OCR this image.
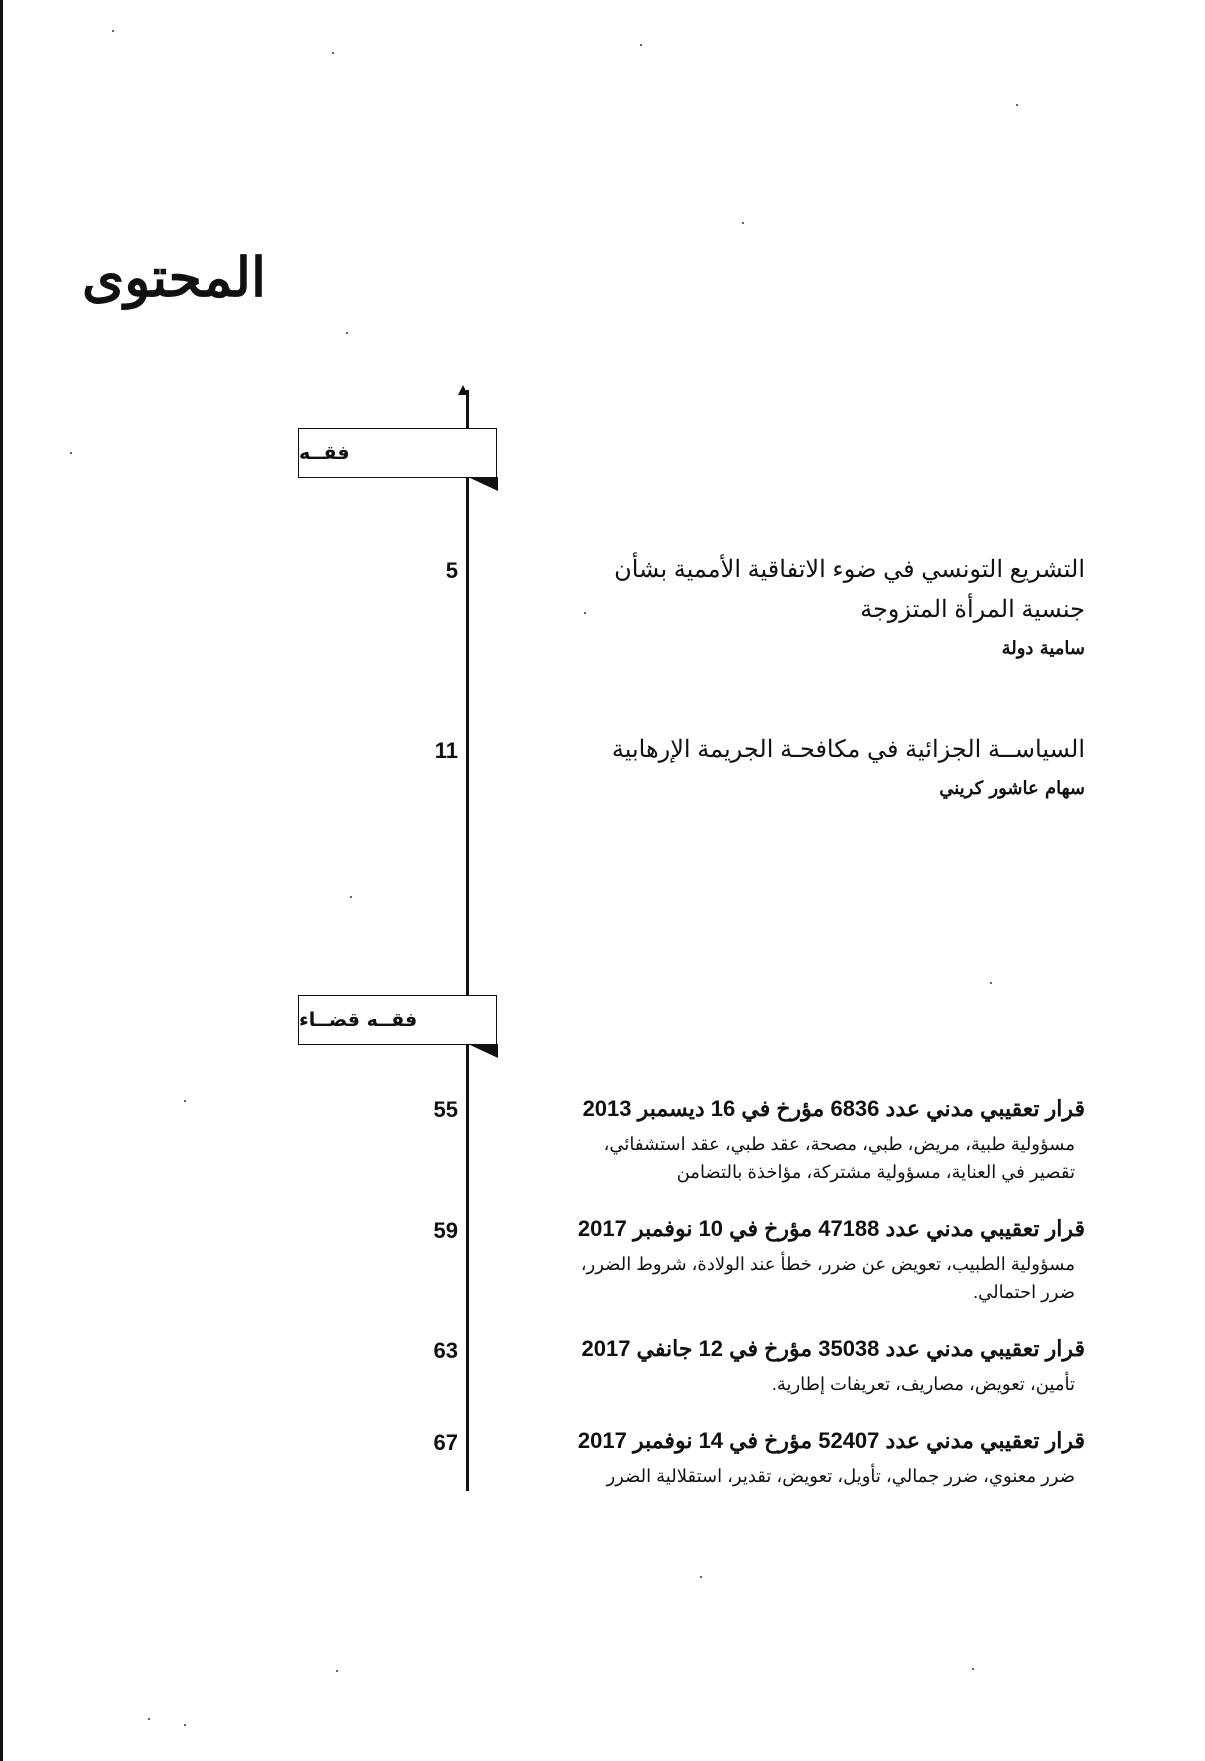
المحتوى
فقــه
5	التشريع التونسي في ضوء الاتفاقية الأممية بشأن

جنسية المرأة المتزوجة

سامية دولة

11	السياســة الجزائية في مكافحـة الجريمة الإرهابية

سهام عاشور كريني

فقــه قضــاء
55	قرار تعقيبي مدني عدد 6836 مؤرخ في 16 ديسمبر 2013

مسؤولية طبية، مريض، طبي، مصحة، عقد طبي، عقد استشفائي،

تقصير في العناية، مسؤولية مشتركة، مؤاخذة بالتضامن

59	قرار تعقيبي مدني عدد 47188 مؤرخ في 10 نوفمبر 2017

مسؤولية الطبيب، تعويض عن ضرر، خطأ عند الولادة، شروط الضرر،

ضرر احتمالي.

63	قرار تعقيبي مدني عدد 35038 مؤرخ في 12 جانفي 2017

تأمين، تعويض، مصاريف، تعريفات إطارية.

67	قرار تعقيبي مدني عدد 52407 مؤرخ في 14 نوفمبر 2017

ضرر معنوي، ضرر جمالي، تأويل، تعويض، تقدير، استقلالية الضرر
